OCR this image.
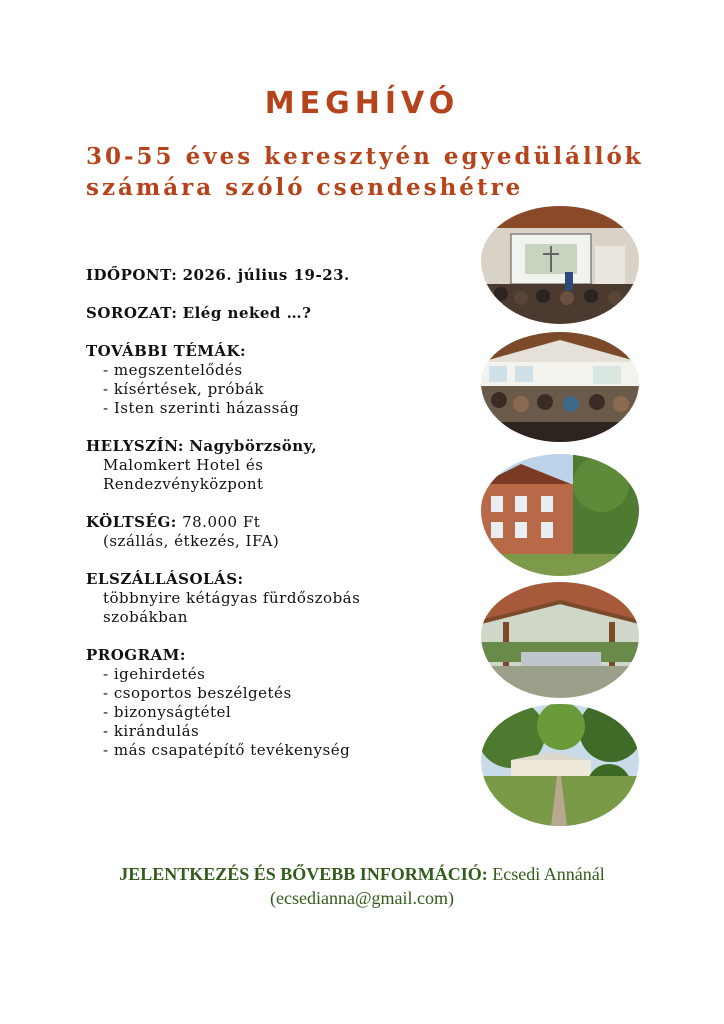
MEGHÍVÓ
30-55 éves keresztyén egyedülállók
számára szóló csendeshétre
IDŐPONT: 2026. július 19-23.
SOROZAT: Elég neked …?
TOVÁBBI TÉMÁK:
- megszentelődés
- kísértések, próbák
- Isten szerinti házasság
HELYSZÍN: Nagybörzsöny,
Malomkert Hotel és
Rendezvényközpont
KÖLTSÉG: 78.000 Ft
(szállás, étkezés, IFA)
ELSZÁLLÁSOLÁS:
többnyire kétágyas fürdőszobás
szobákban
PROGRAM:
- igehirdetés
- csoportos beszélgetés
- bizonyságtétel
- kirándulás
- más csapatépítő tevékenység
JELENTKEZÉS ÉS BŐVEBB INFORMÁCIÓ: Ecsedi Annánál
(ecsedianna@gmail.com)
